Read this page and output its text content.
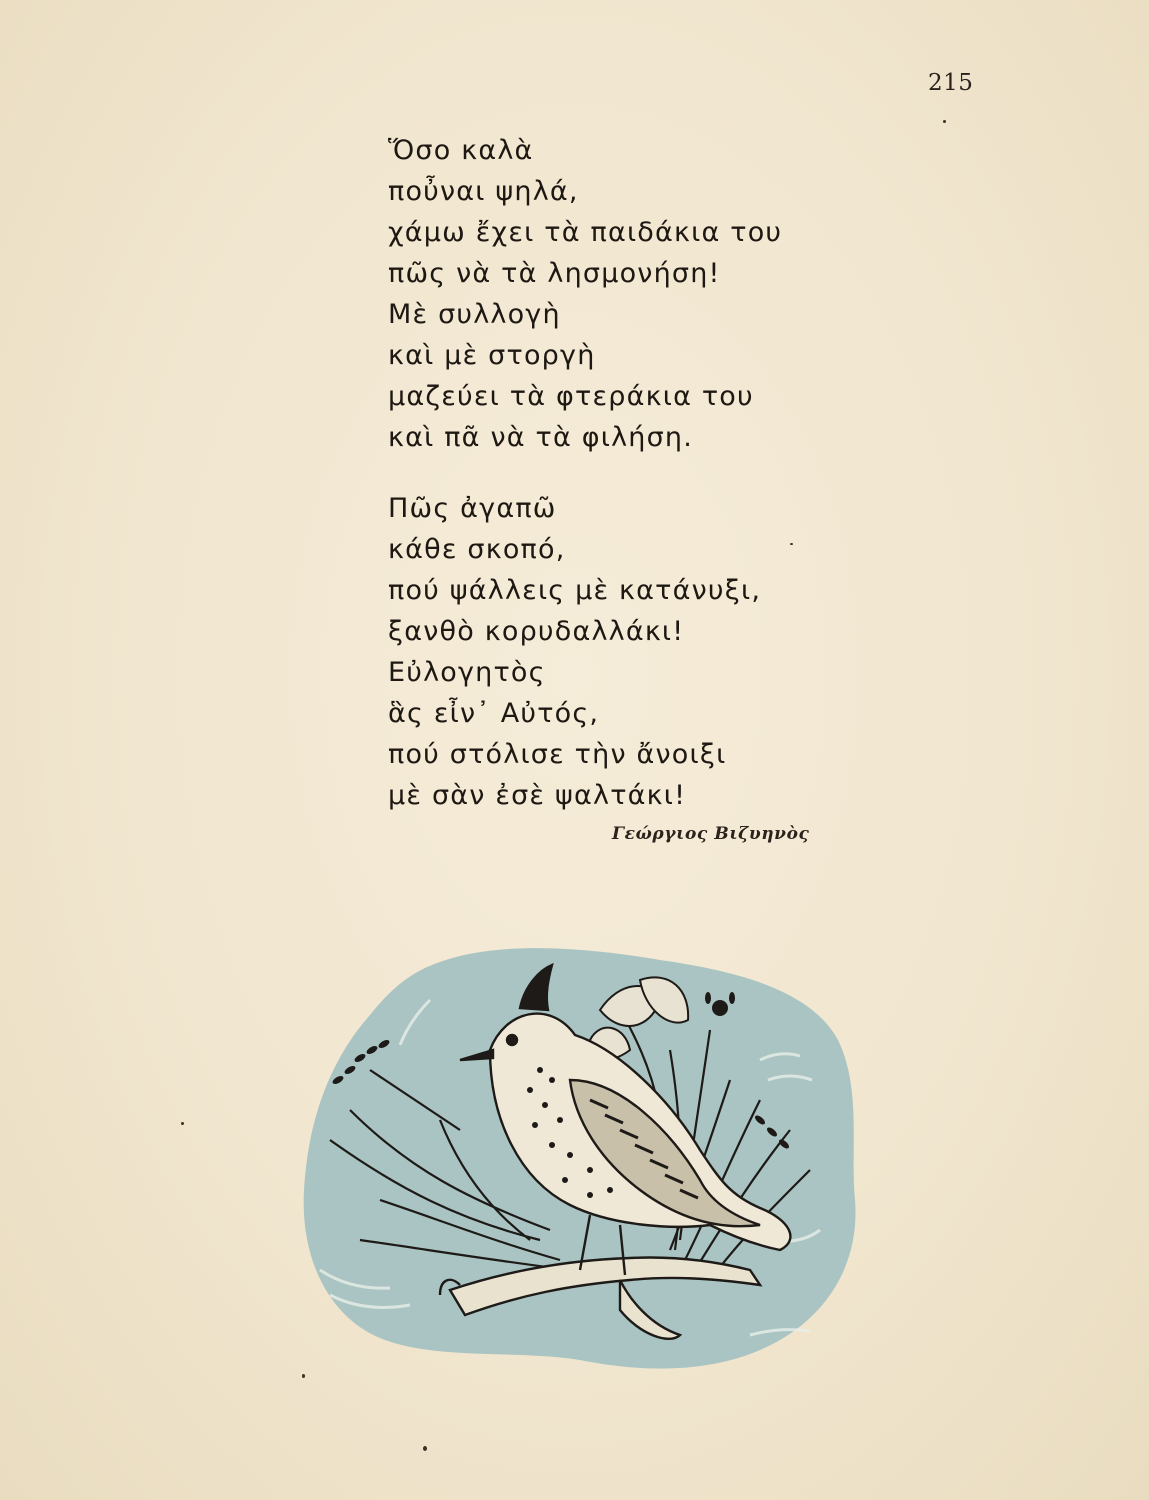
215
Ὅσο καλὰ
ποὖναι ψηλά,
χάμω ἔχει τὰ παιδάκια του
πῶς νὰ τὰ λησμονήση!
Μὲ συλλογὴ
καὶ μὲ στοργὴ
μαζεύει τὰ φτεράκια του
καὶ πᾶ νὰ τὰ φιλήση.
Πῶς ἀγαπῶ
κάθε σκοπό,
πού ψάλλεις μὲ κατάνυξι,
ξανθὸ κορυδαλλάκι!
Εὐλογητὸς
ἃς εἶν᾽ Αὐτός,
πού στόλισε τὴν ἄνοιξι
μὲ σὰν ἐσὲ ψαλτάκι!
Γεώργιος Βιζυηνὸς
